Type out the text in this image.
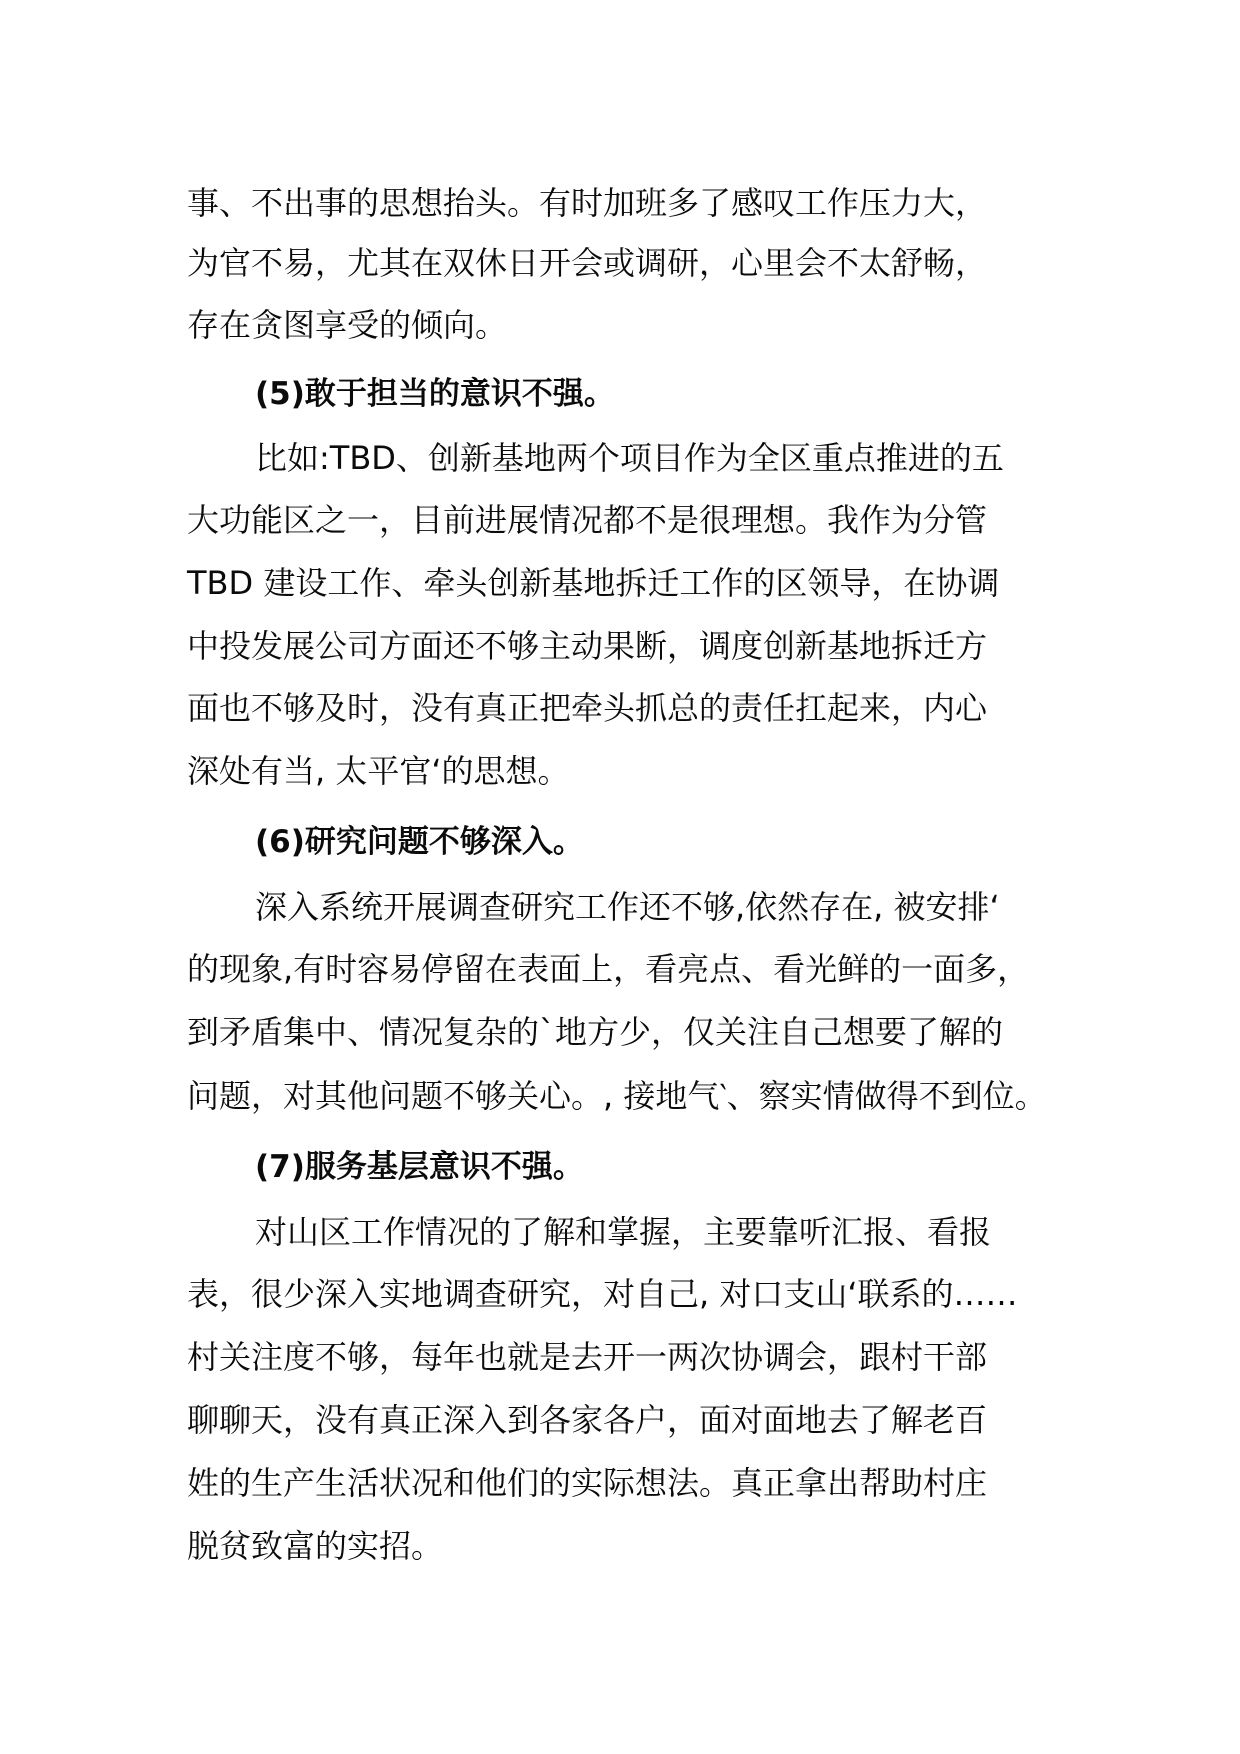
事、不出事的思想抬头。有时加班多了感叹工作压力大，

为官不易，尤其在双休日开会或调研，心里会不太舒畅，

存在贪图享受的倾向。

(5)敢于担当的意识不强。

比如:TBD、创新基地两个项目作为全区重点推进的五

大功能区之一，目前进展情况都不是很理想。我作为分管

TBD 建设工作、牵头创新基地拆迁工作的区领导，在协调

中投发展公司方面还不够主动果断，调度创新基地拆迁方

面也不够及时，没有真正把牵头抓总的责任扛起来，内心

深处有当, 太平官‘的思想。

(6)研究问题不够深入。

深入系统开展调查研究工作还不够,依然存在, 被安排‘

的现象,有时容易停留在表面上，看亮点、看光鲜的一面多，

到矛盾集中、情况复杂的`地方少，仅关注自己想要了解的

问题，对其他问题不够关心。, 接地气‵、察实情做得不到位。

(7)服务基层意识不强。

对山区工作情况的了解和掌握，主要靠听汇报、看报

表，很少深入实地调查研究，对自己, 对口支山‘联系的……

村关注度不够，每年也就是去开一两次协调会，跟村干部

聊聊天，没有真正深入到各家各户，面对面地去了解老百

姓的生产生活状况和他们的实际想法。真正拿出帮助村庄

脱贫致富的实招。
